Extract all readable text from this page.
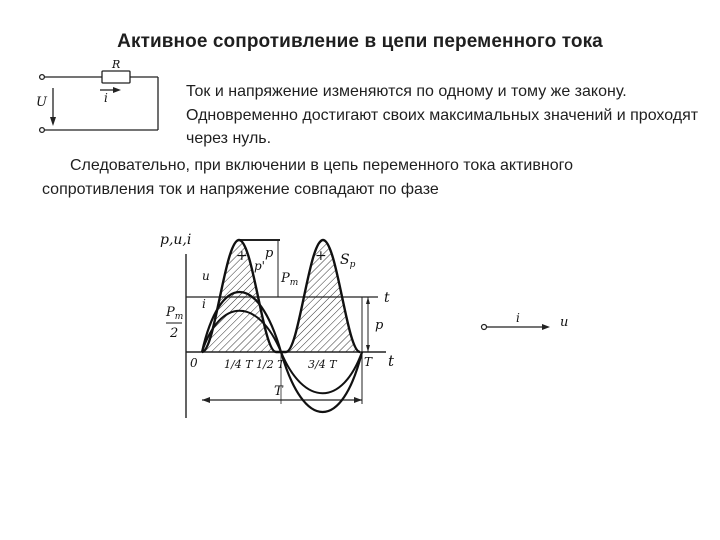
Активное сопротивление в цепи переменного тока
R
i
U

Ток и напряжение изменяются по одному и тому же закону. Одновременно достигают своих максимальных значений и проходят через нуль.

Следовательно, при включении в цепь переменного тока активного сопротивления ток и напряжение совпадают по фазе

p,u,i
p
p'
u
i
+	+
$P_m$
$S_p$
$P_m$
2
p
t
t
0 1/4 T 1/2 T 3/4 T T
T
i	u
